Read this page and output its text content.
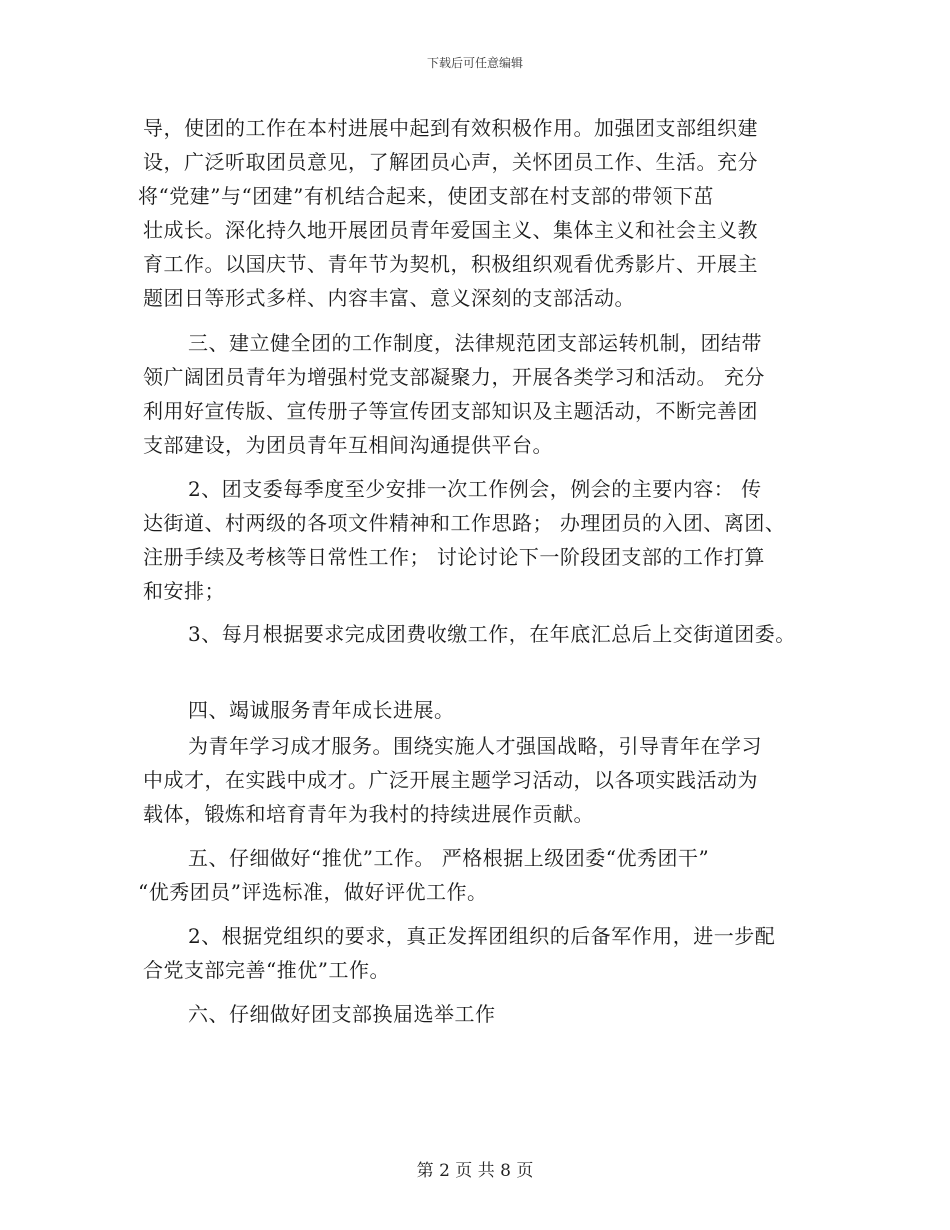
下载后可任意编辑
导，使团的工作在本村进展中起到有效积极作用。加强团支部组织建
设，广泛听取团员意见，了解团员心声，关怀团员工作、生活。充分
将“党建”与“团建”有机结合起来，使团支部在村支部的带领下茁
壮成长。深化持久地开展团员青年爱国主义、集体主义和社会主义教
育工作。以国庆节、青年节为契机，积极组织观看优秀影片、开展主
题团日等形式多样、内容丰富、意义深刻的支部活动。
三、建立健全团的工作制度，法律规范团支部运转机制，团结带
领广阔团员青年为增强村党支部凝聚力，开展各类学习和活动。 充分
利用好宣传版、宣传册子等宣传团支部知识及主题活动，不断完善团
支部建设，为团员青年互相间沟通提供平台。
2、团支委每季度至少安排一次工作例会，例会的主要内容： 传
达街道、村两级的各项文件精神和工作思路； 办理团员的入团、离团、
注册手续及考核等日常性工作； 讨论讨论下一阶段团支部的工作打算
和安排；
3、每月根据要求完成团费收缴工作，在年底汇总后上交街道团委。
四、竭诚服务青年成长进展。
为青年学习成才服务。围绕实施人才强国战略，引导青年在学习
中成才，在实践中成才。广泛开展主题学习活动，以各项实践活动为
载体，锻炼和培育青年为我村的持续进展作贡献。
五、仔细做好“推优”工作。 严格根据上级团委“优秀团干”
“优秀团员”评选标准，做好评优工作。
2、根据党组织的要求，真正发挥团组织的后备军作用，进一步配
合党支部完善“推优”工作。
六、仔细做好团支部换届选举工作
第 2 页 共 8 页
